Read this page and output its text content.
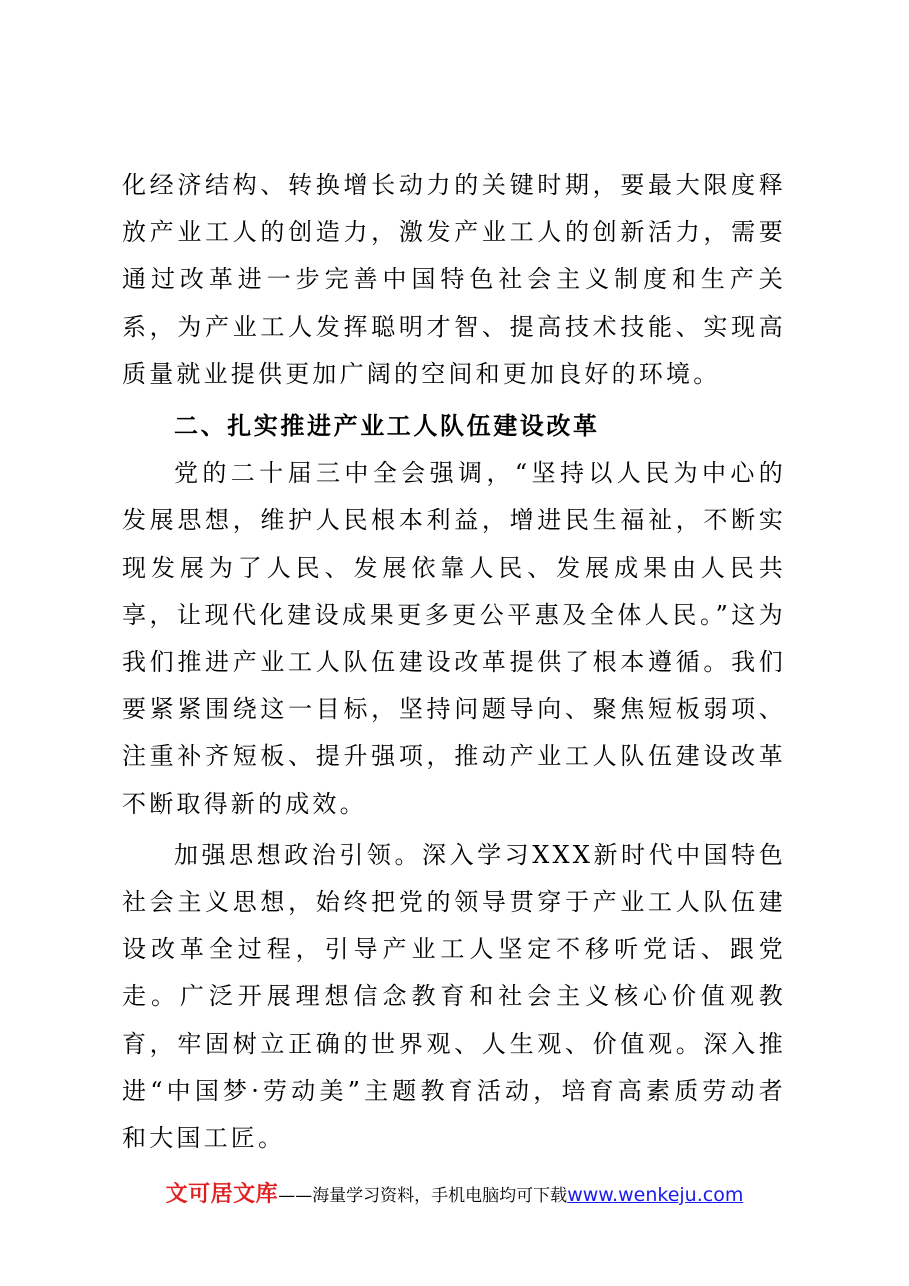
化经济结构、转换增长动力的关键时期，要最大限度释放产业工人的创造力，激发产业工人的创新活力，需要通过改革进一步完善中国特色社会主义制度和生产关系，为产业工人发挥聪明才智、提高技术技能、实现高质量就业提供更加广阔的空间和更加良好的环境。

二、扎实推进产业工人队伍建设改革

党的二十届三中全会强调，“坚持以人民为中心的发展思想，维护人民根本利益，增进民生福祉，不断实现发展为了人民、发展依靠人民、发展成果由人民共享，让现代化建设成果更多更公平惠及全体人民。”这为我们推进产业工人队伍建设改革提供了根本遵循。我们要紧紧围绕这一目标，坚持问题导向、聚焦短板弱项、注重补齐短板、提升强项，推动产业工人队伍建设改革不断取得新的成效。

加强思想政治引领。深入学习XXX新时代中国特色社会主义思想，始终把党的领导贯穿于产业工人队伍建设改革全过程，引导产业工人坚定不移听党话、跟党走。广泛开展理想信念教育和社会主义核心价值观教育，牢固树立正确的世界观、人生观、价值观。深入推进“中国梦·劳动美”主题教育活动，培育高素质劳动者和大国工匠。

文可居文库——海量学习资料，手机电脑均可下载www.wenkeju.com
